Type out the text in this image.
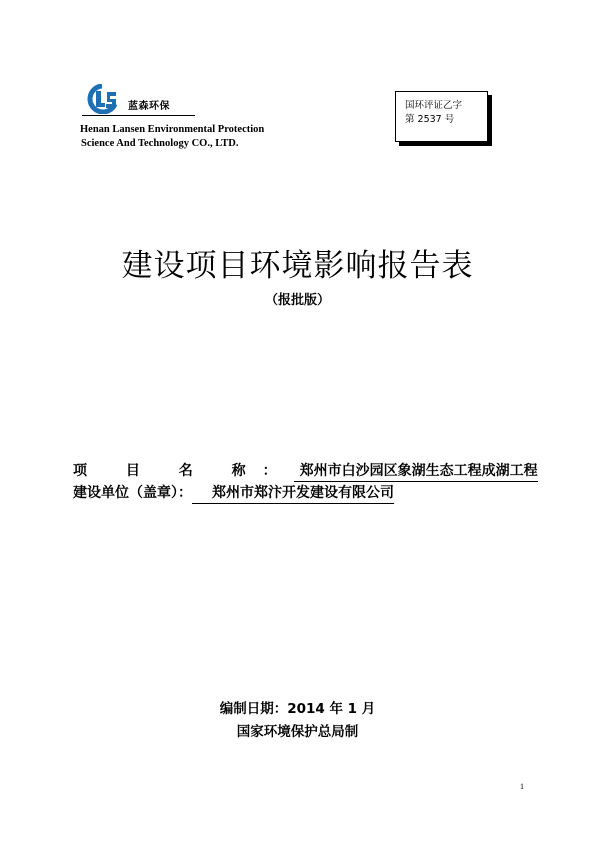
蓝森环保
Henan Lansen Environmental Protection
Science And Technology CO., LTD.
国环评证乙字
第 2537 号
建设项目环境影响报告表
（报批版）
项 目 名 称： 郑州市白沙园区象湖生态工程成湖工程
建设单位（盖章）： 郑州市郑汴开发建设有限公司
编制日期：2014 年 1 月
国家环境保护总局制
1
